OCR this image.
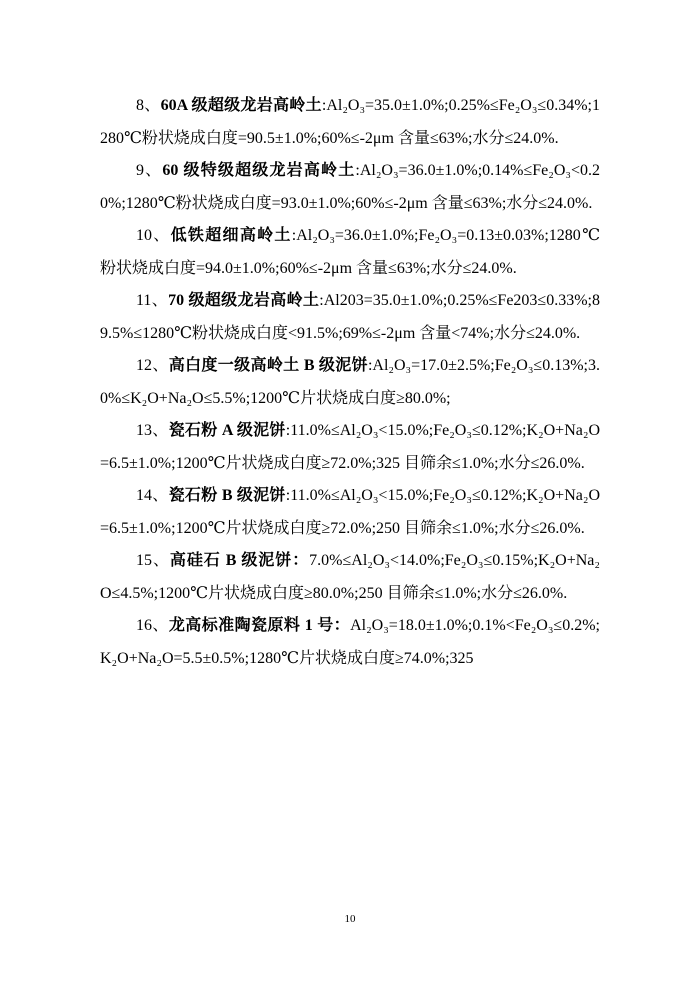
8、60A 级超级龙岩高岭土:Al₂O₃=35.0±1.0%;0.25%≤Fe₂O₃≤0.34%;1280℃粉状烧成白度=90.5±1.0%;60%≤-2μm 含量≤63%;水分≤24.0%.

9、60 级特级超级龙岩高岭土:Al₂O₃=36.0±1.0%;0.14%≤Fe₂O₃<0.20%;1280℃粉状烧成白度=93.0±1.0%;60%≤-2μm 含量≤63%;水分≤24.0%.

10、低铁超细高岭土:Al₂O₃=36.0±1.0%;Fe₂O₃=0.13±0.03%;1280℃粉状烧成白度=94.0±1.0%;60%≤-2μm 含量≤63%;水分≤24.0%.

11、70 级超级龙岩高岭土:Al203=35.0±1.0%;0.25%≤Fe203≤0.33%;89.5%≤1280℃粉状烧成白度<91.5%;69%≤-2μm 含量<74%;水分≤24.0%.

12、高白度一级高岭土 B 级泥饼:Al₂O₃=17.0±2.5%;Fe₂O₃≤0.13%;3.0%≤K₂O+Na₂O≤5.5%;1200℃片状烧成白度≥80.0%;

13、瓷石粉 A 级泥饼:11.0%≤Al₂O₃<15.0%;Fe₂O₃≤0.12%;K₂O+Na₂O=6.5±1.0%;1200℃片状烧成白度≥72.0%;325 目筛余≤1.0%;水分≤26.0%.

14、瓷石粉 B 级泥饼:11.0%≤Al₂O₃<15.0%;Fe₂O₃≤0.12%;K₂O+Na₂O=6.5±1.0%;1200℃片状烧成白度≥72.0%;250 目筛余≤1.0%;水分≤26.0%.

15、高硅石 B 级泥饼：7.0%≤Al₂O₃<14.0%;Fe₂O₃≤0.15%;K₂O+Na₂O≤4.5%;1200℃片状烧成白度≥80.0%;250 目筛余≤1.0%;水分≤26.0%.

16、龙高标准陶瓷原料 1 号：Al₂O₃=18.0±1.0%;0.1%<Fe₂O₃≤0.2%;K₂O+Na₂O=5.5±0.5%;1280℃片状烧成白度≥74.0%;325

10
